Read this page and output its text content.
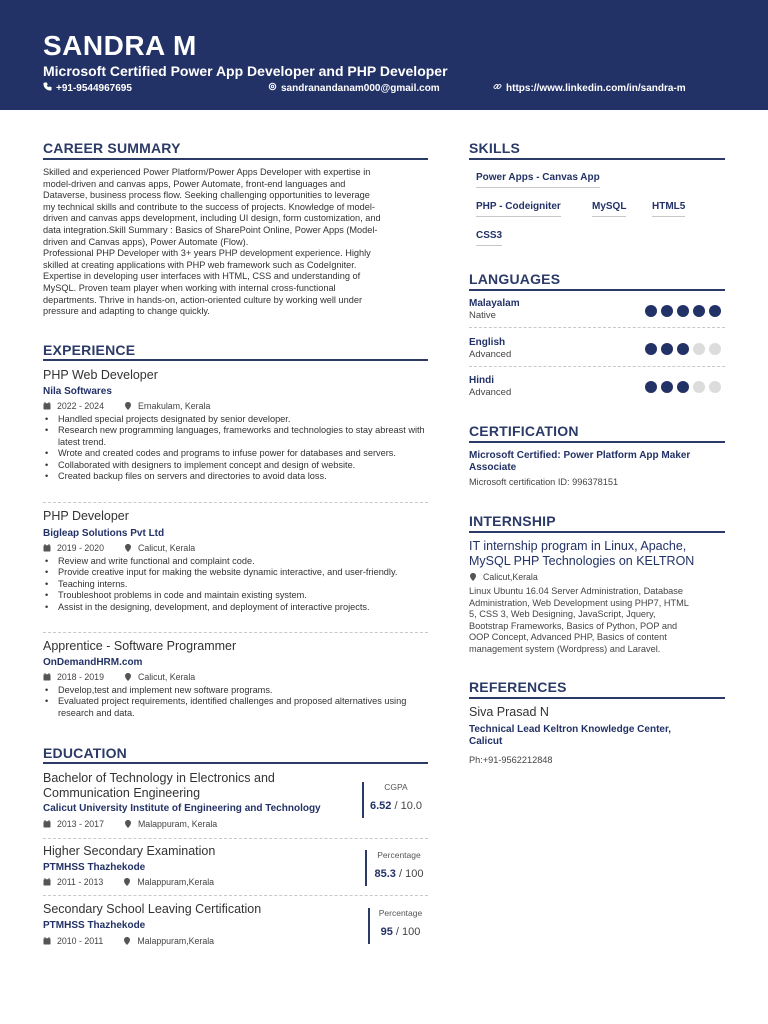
SANDRA M
Microsoft Certified Power App Developer and PHP Developer
+91-9544967695	sandranandanam000@gmail.com	https://www.linkedin.com/in/sandra-m
CAREER SUMMARY
Skilled and experienced Power Platform/Power Apps Developer with expertise in
model-driven and canvas apps, Power Automate, front-end languages and
Dataverse, business process flow. Seeking challenging opportunities to leverage
my technical skills and contribute to the success of projects. Knowledge of model-
driven and canvas apps development, including UI design, form customization, and
data integration.Skill Summary : Basics of SharePoint Online, Power Apps (Model-
driven and Canvas apps), Power Automate (Flow).
Professional PHP Developer with 3+ years PHP development experience. Highly
skilled at creating applications with PHP web framework such as CodeIgniter.
Expertise in developing user interfaces with HTML, CSS and understanding of
MySQL. Proven team player when working with internal cross-functional
departments. Thrive in hands-on, action-oriented culture by working well under
pressure and adapting to change quickly.
EXPERIENCE
PHP Web Developer
Nila Softwares
2022 - 2024	Ernakulam, Kerala
• Handled special projects designated by senior developer.
• Research new programming languages, frameworks and technologies to stay abreast with latest trend.
• Wrote and created codes and programs to infuse power for databases and servers.
• Collaborated with designers to implement concept and design of website.
• Created backup files on servers and directories to avoid data loss.
PHP Developer
Bigleap Solutions Pvt Ltd
2019 - 2020	Calicut, Kerala
• Review and write functional and complaint code.
• Provide creative input for making the website dynamic interactive, and user-friendly.
• Teaching interns.
• Troubleshoot problems in code and maintain existing system.
• Assist in the designing, development, and deployment of interactive projects.
Apprentice - Software Programmer
OnDemandHRM.com
2018 - 2019	Calicut, Kerala
• Develop,test and implement new software programs.
• Evaluated project requirements, identified challenges and proposed alternatives using research and data.
EDUCATION
Bachelor of Technology in Electronics and
Communication Engineering
Calicut University Institute of Engineering and Technology
2013 - 2017	Malappuram, Kerala
CGPA
6.52 / 10.0
Higher Secondary Examination
PTMHSS Thazhekode
2011 - 2013	Malappuram,Kerala
Percentage
85.3 / 100
Secondary School Leaving Certification
PTMHSS Thazhekode
2010 - 2011	Malappuram,Kerala
Percentage
95 / 100
SKILLS
Power Apps - Canvas App
PHP - Codeigniter	MySQL	HTML5
CSS3
LANGUAGES
Malayalam
Native
English
Advanced
Hindi
Advanced
CERTIFICATION
Microsoft Certified: Power Platform App Maker
Associate
Microsoft certification ID: 996378151
INTERNSHIP
IT internship program in Linux, Apache,
MySQL PHP Technologies on KELTRON
Calicut,Kerala
Linux Ubuntu 16.04 Server Administration, Database
Administration, Web Development using PHP7, HTML
5, CSS 3, Web Designing, JavaScript, Jquery,
Bootstrap Frameworks, Basics of Python, POP and
OOP Concept, Advanced PHP, Basics of content
management system (Wordpress) and Laravel.
REFERENCES
Siva Prasad N
Technical Lead Keltron Knowledge Center,
Calicut
Ph:+91-9562212848
